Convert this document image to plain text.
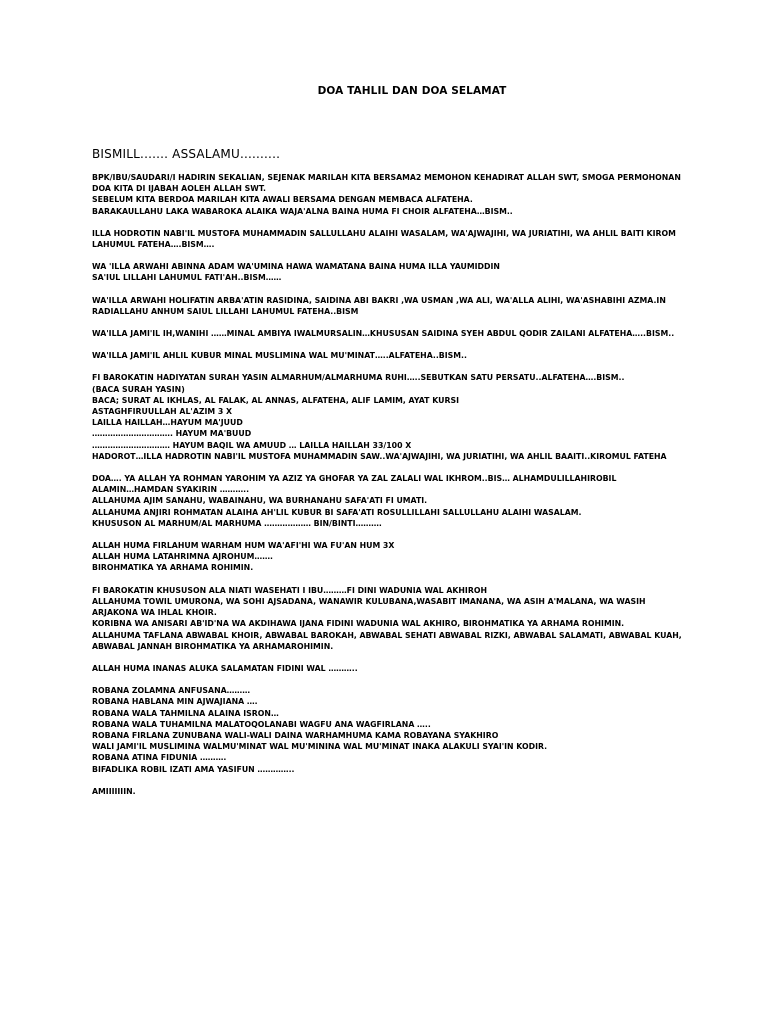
DOA TAHLIL DAN DOA SELAMAT
BISMILL....... ASSALAMU..........
BPK/IBU/SAUDARI/I HADIRIN SEKALIAN, SEJENAK MARILAH KITA BERSAMA2 MEMOHON KEHADIRAT ALLAH SWT, SMOGA PERMOHONAN
DOA KITA DI IJABAH AOLEH ALLAH SWT.
SEBELUM KITA BERDOA MARILAH KITA AWALI BERSAMA DENGAN MEMBACA ALFATEHA.
BARAKAULLAHU LAKA WABAROKA ALAIKA WAJA'ALNA BAINA HUMA FI CHOIR ALFATEHA…BISM..
ILLA HODROTIN NABI'IL MUSTOFA MUHAMMADIN SALLULLAHU ALAIHI WASALAM, WA'AJWAJIHI, WA JURIATIHI, WA AHLIL BAITI KIROM
LAHUMUL FATEHA….BISM….
WA 'ILLA ARWAHI ABINNA ADAM WA'UMINA HAWA WAMATANA BAINA HUMA ILLA YAUMIDDIN
SA'IUL LILLAHI LAHUMUL FATI'AH..BISM……
WA'ILLA ARWAHI HOLIFATIN ARBA'ATIN RASIDINA, SAIDINA ABI BAKRI ,WA USMAN ,WA ALI, WA'ALLA ALIHI, WA'ASHABIHI AZMA.IN
RADIALLAHU ANHUM SAIUL LILLAHI LAHUMUL FATEHA..BISM
WA'ILLA JAMI'IL IH,WANIHI ……MINAL AMBIYA IWALMURSALIN…KHUSUSAN SAIDINA SYEH ABDUL QODIR ZAILANI ALFATEHA…..BISM..
WA'ILLA JAMI'IL AHLIL KUBUR MINAL MUSLIMINA WAL MU'MINAT…..ALFATEHA..BISM..
FI BAROKATIN HADIYATAN SURAH YASIN ALMARHUM/ALMARHUMA RUHI…..SEBUTKAN SATU PERSATU..ALFATEHA….BISM..
(BACA SURAH YASIN)
BACA; SURAT AL IKHLAS, AL FALAK, AL ANNAS, ALFATEHA, ALIF LAMIM, AYAT KURSI
ASTAGHFIRUULLAH AL'AZIM 3 X
LAILLA HAILLAH…HAYUM MA'JUUD
…………………………. HAYUM MA'BUUD
………………………… HAYUM BAQIL WA AMUUD … LAILLA HAILLAH 33/100 X
HADOROT…ILLA HADROTIN NABI'IL MUSTOFA MUHAMMADIN SAW..WA'AJWAJIHI, WA JURIATIHI, WA AHLIL BAAITI..KIROMUL FATEHA
DOA…. YA ALLAH YA ROHMAN YAROHIM YA AZIZ YA GHOFAR YA ZAL ZALALI WAL IKHROM..BIS… ALHAMDULILLAHIROBIL
ALAMIN…HAMDAN SYAKIRIN ………..
ALLAHUMA AJIM SANAHU, WABAINAHU, WA BURHANAHU SAFA'ATI FI UMATI.
ALLAHUMA ANJIRI ROHMATAN ALAIHA AH'LIL KUBUR BI SAFA'ATI ROSULLILLAHI SALLULLAHU ALAIHI WASALAM.
KHUSUSON AL MARHUM/AL MARHUMA ……………… BIN/BINTI……….
ALLAH HUMA FIRLAHUM WARHAM HUM WA'AFI'HI WA FU'AN HUM 3X
ALLAH HUMA LATAHRIMNA AJROHUM…….
BIROHMATIKA YA ARHAMA ROHIMIN.
FI BAROKATIN KHUSUSON ALA NIATI WASEHATI I IBU………FI DINI WADUNIA WAL AKHIROH
ALLAHUMA TOWIL UMURONA, WA SOHI AJSADANA, WANAWIR KULUBANA,WASABIT IMANANA, WA ASIH A'MALANA, WA WASIH
ARJAKONA WA IHLAL KHOIR.
KORIBNA WA ANISARI AB'ID'NA WA AKDIHAWA IJANA FIDINI WADUNIA WAL AKHIRO, BIROHMATIKA YA ARHAMA ROHIMIN.
ALLAHUMA TAFLANA ABWABAL KHOIR, ABWABAL BAROKAH, ABWABAL SEHATI ABWABAL RIZKI, ABWABAL SALAMATI, ABWABAL KUAH,
ABWABAL JANNAH BIROHMATIKA YA ARHAMAROHIMIN.
ALLAH HUMA INANAS ALUKA SALAMATAN FIDINI WAL ………..
ROBANA ZOLAMNA ANFUSANA………
ROBANA HABLANA MIN AJWAJIANA ….
ROBANA WALA TAHMILNA ALAINA ISRON…
ROBANA WALA TUHAMILNA MALATOQOLANABI WAGFU ANA WAGFIRLANA …..
ROBANA FIRLANA ZUNUBANA WALI-WALI DAINA WARHAMHUMA KAMA ROBAYANA SYAKHIRO
WALI JAMI'IL MUSLIMINA WALMU'MINAT WAL MU'MININA WAL MU'MINAT INAKA ALAKULI SYAI'IN KODIR.
ROBANA ATINA FIDUNIA ……….
BIFADLIKA ROBIL IZATI AMA YASIFUN …………..
AMIIIIIIIN.
